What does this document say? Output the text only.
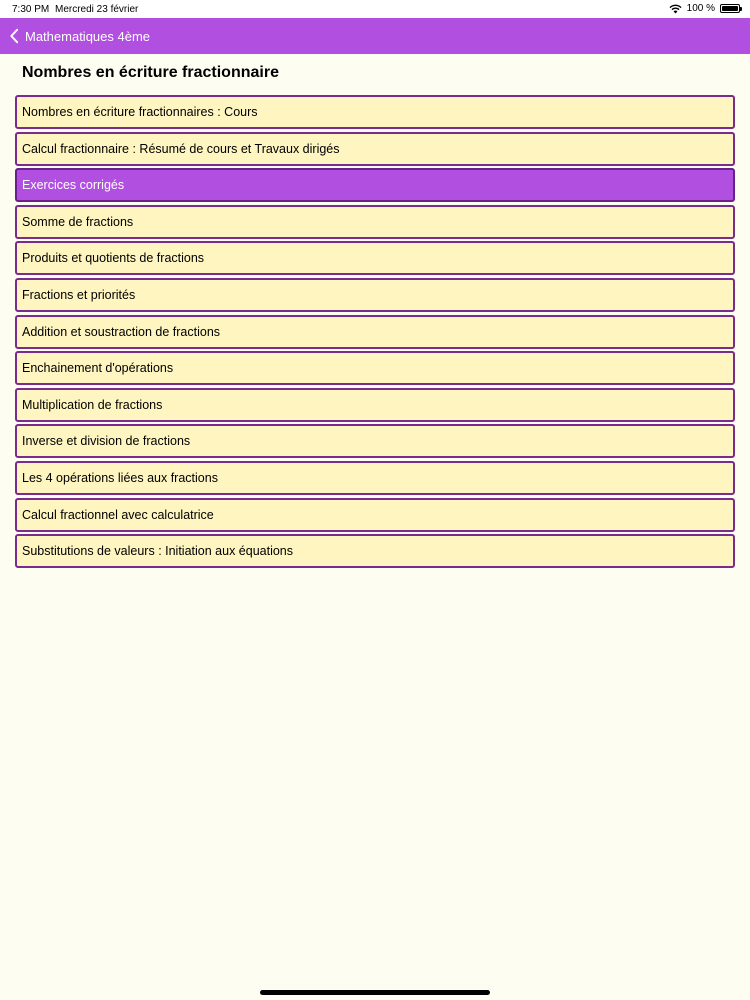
7:30 PM Mercredi 23 février	100 %
Mathematiques 4ème
Nombres en écriture fractionnaire
Nombres en écriture fractionnaires : Cours
Calcul fractionnaire : Résumé de cours et Travaux dirigés
Exercices corrigés
Somme de fractions
Produits et quotients de fractions
Fractions et priorités
Addition et soustraction de fractions
Enchainement d'opérations
Multiplication de fractions
Inverse et division de fractions
Les 4 opérations liées aux fractions
Calcul fractionnel avec calculatrice
Substitutions de valeurs : Initiation aux équations
